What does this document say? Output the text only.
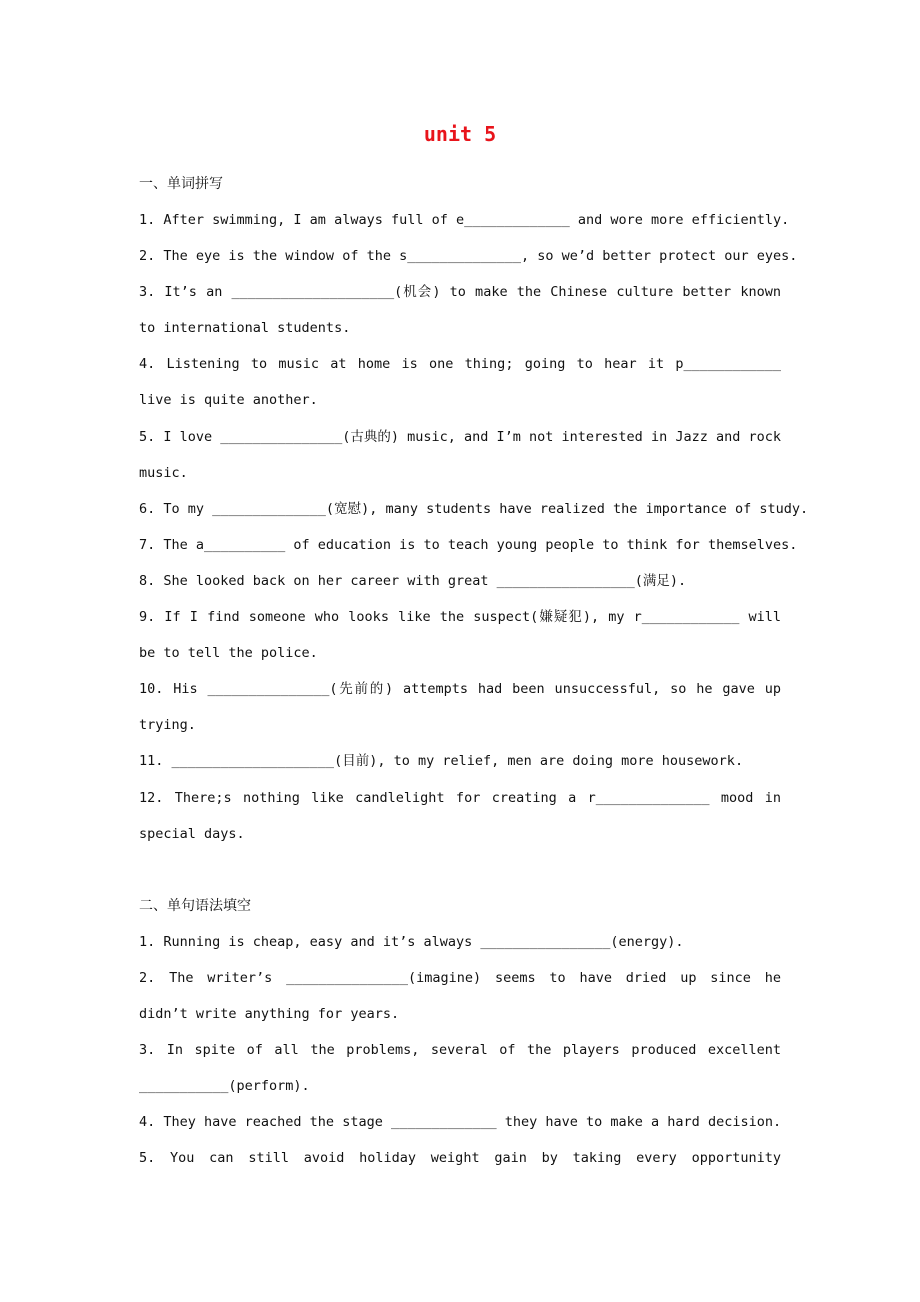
unit 5
一、单词拼写
1. After swimming, I am always full of e_____________ and wore more efficiently.
2. The eye is the window of the s______________, so we’d better protect our eyes.
3. It’s an ____________________(机会) to make the Chinese culture better known to international students.
4. Listening to music at home is one thing; going to hear it p____________ live is quite another.
5. I love _______________(古典的) music, and I’m not interested in Jazz and rock music.
6. To my ______________(宽慰), many students have realized the importance of study.
7. The a__________ of education is to teach young people to think for themselves.
8. She looked back on her career with great _________________(满足).
9. If I find someone who looks like the suspect(嫌疑犯), my r____________ will be to tell the police.
10. His _______________(先前的) attempts had been unsuccessful, so he gave up trying.
11. ____________________(目前), to my relief, men are doing more housework.
12. There;s nothing like candlelight for creating a r______________ mood in special days.
二、单句语法填空
1. Running is cheap, easy and it’s always ________________(energy).
2. The writer’s _______________(imagine) seems to have dried up since he didn’t write anything for years.
3. In spite of all the problems, several of the players produced excellent ___________(perform).
4. They have reached the stage _____________ they have to make a hard decision.
5. You can still avoid holiday weight gain by taking every opportunity
